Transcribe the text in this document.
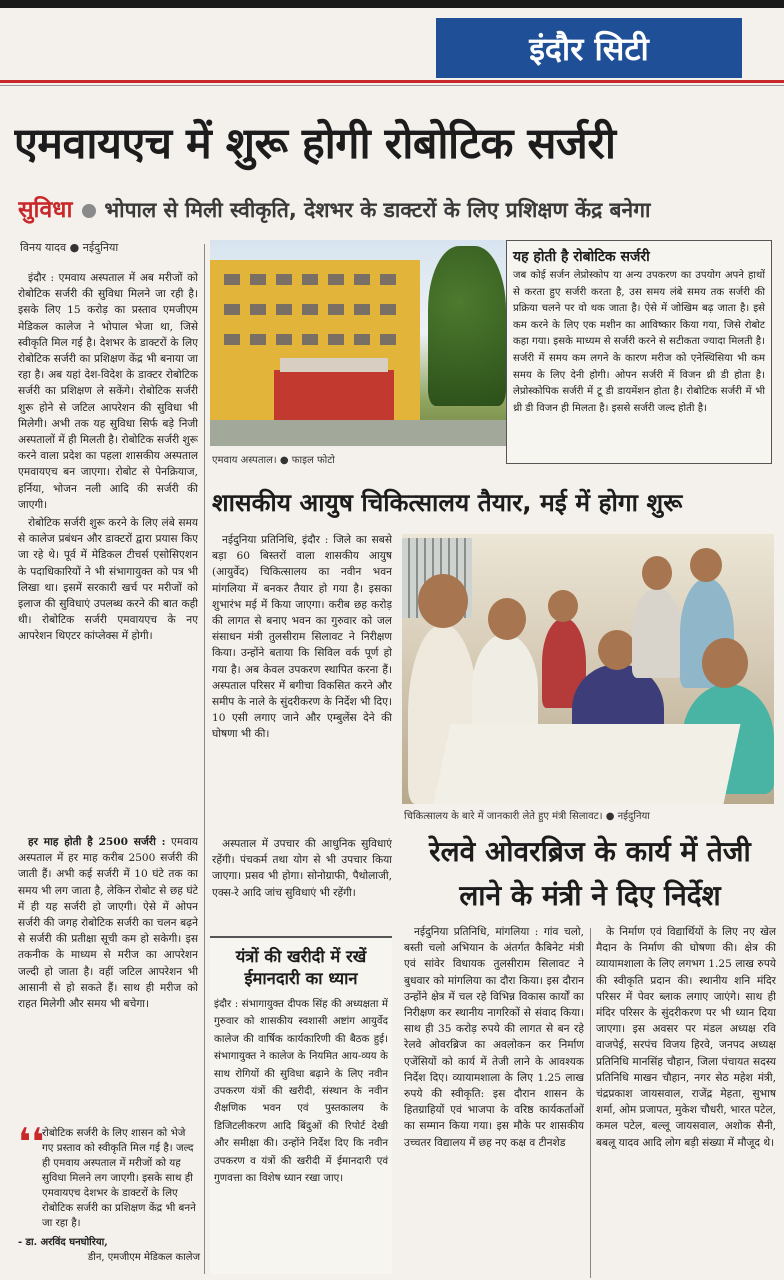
इंदौर सिटी
एमवायएच में शुरू होगी रोबोटिक सर्जरी
सुविधा भोपाल से मिली स्वीकृति, देशभर के डाक्टरों के लिए प्रशिक्षण केंद्र बनेगा
विनय यादव ● नईदुनिया

इंदौर : एमवाय अस्पताल में अब मरीजों को रोबोटिक सर्जरी की सुविधा मिलने जा रही है। इसके लिए 15 करोड़ का प्रस्ताव एमजीएम मेडिकल कालेज ने भोपाल भेजा था, जिसे स्वीकृति मिल गई है। देशभर के डाक्टरों के लिए रोबोटिक सर्जरी का प्रशिक्षण केंद्र भी बनाया जा रहा है। अब यहां देश-विदेश के डाक्टर रोबोटिक सर्जरी का प्रशिक्षण ले सकेंगे। रोबोटिक सर्जरी शुरू होने से जटिल आपरेशन की सुविधा भी मिलेगी। अभी तक यह सुविधा सिर्फ बड़े निजी अस्पतालों में ही मिलती है। रोबोटिक सर्जरी शुरू करने वाला प्रदेश का पहला शासकीय अस्पताल एमवायएच बन जाएगा। रोबोट से पेनक्रियाज, हर्निया, भोजन नली आदि की सर्जरी की जाएगी।

रोबोटिक सर्जरी शुरू करने के लिए लंबे समय से कालेज प्रबंधन और डाक्टरों द्वारा प्रयास किए जा रहे थे। पूर्व में मेडिकल टीचर्स एसोसिएशन के पदाधिकारियों ने भी संभागायुक्त को पत्र भी लिखा था। इसमें सरकारी खर्च पर मरीजों को इलाज की सुविधाएं उपलब्ध करने की बात कही थी। रोबोटिक सर्जरी एमवायएच के नए आपरेशन थिएटर कांप्लेक्स में होगी।

हर माह होती है 2500 सर्जरी : एमवाय अस्पताल में हर माह करीब 2500 सर्जरी की जाती हैं। अभी कई सर्जरी में 10 घंटे तक का समय भी लग जाता है, लेकिन रोबोट से छह घंटे में ही यह सर्जरी हो जाएगी। ऐसे में ओपन सर्जरी की जगह रोबोटिक सर्जरी का चलन बढ़ने से सर्जरी की प्रतीक्षा सूची कम हो सकेगी। इस तकनीक के माध्यम से मरीज का आपरेशन जल्दी हो जाता है। वहीं जटिल आपरेशन भी आसानी से हो सकते हैं। साथ ही मरीज को राहत मिलेगी और समय भी बचेगा।

❛❛
रोबोटिक सर्जरी के लिए शासन को भेजे गए प्रस्ताव को स्वीकृति मिल गई है। जल्द ही एमवाय अस्पताल में मरीजों को यह सुविधा मिलने लग जाएगी। इसके साथ ही एमवायएच देशभर के डाक्टरों के लिए रोबोटिक सर्जरी का प्रशिक्षण केंद्र भी बनने जा रहा है।
- डा. अरविंद घनघोरिया,
डीन, एमजीएम मेडिकल कालेज
एमवाय अस्पताल। ● फाइल फोटो
यह होती है रोबोटिक सर्जरी
जब कोई सर्जन लेप्रोस्कोप या अन्य उपकरण का उपयोग अपने हाथों से करता हुए सर्जरी करता है, उस समय लंबे समय तक सर्जरी की प्रक्रिया चलने पर वो थक जाता है। ऐसे में जोखिम बढ़ जाता है। इसे कम करने के लिए एक मशीन का आविष्कार किया गया, जिसे रोबोट कहा गया। इसके माध्यम से सर्जरी करने से सटीकता ज्यादा मिलती है। सर्जरी में समय कम लगने के कारण मरीज को एनेस्थिसिया भी कम समय के लिए देनी होगी। ओपन सर्जरी में विजन थ्री डी होता है। लेप्रोस्कोपिक सर्जरी में टू डी डायमेंशन होता है। रोबोटिक सर्जरी में भी थ्री डी विजन ही मिलता है। इससे सर्जरी जल्द होती है।
शासकीय आयुष चिकित्सालय तैयार, मई में होगा शुरू

नईदुनिया प्रतिनिधि, इंदौर : जिले का सबसे बड़ा 60 बिस्तरों वाला शासकीय आयुष (आयुर्वेद) चिकित्सालय का नवीन भवन मांगलिया में बनकर तैयार हो गया है। इसका शुभारंभ मई में किया जाएगा। करीब छह करोड़ की लागत से बनाए भवन का गुरुवार को जल संसाधन मंत्री तुलसीराम सिलावट ने निरीक्षण किया। उन्होंने बताया कि सिविल वर्क पूर्ण हो गया है। अब केवल उपकरण स्थापित करना हैं। अस्पताल परिसर में बगीचा विकसित करने और समीप के नाले के सुंदरीकरण के निर्देश भी दिए। 10 एसी लगाए जाने और एम्बुलेंस देने की घोषणा भी की।

अस्पताल में उपचार की आधुनिक सुविधाएं रहेंगी। पंचकर्म तथा योग से भी उपचार किया जाएगा। प्रसव भी होगा। सोनोग्राफी, पैथोलाजी, एक्स-रे आदि जांच सुविधाएं भी रहेंगी।

चिकित्सालय के बारे में जानकारी लेते हुए मंत्री सिलावट। ● नईदुनिया
रेलवे ओवरब्रिज के कार्य में तेजी लाने के मंत्री ने दिए निर्देश

नईदुनिया प्रतिनिधि, मांगलिया : गांव चलो, बस्ती चलो अभियान के अंतर्गत कैबिनेट मंत्री एवं सांवेर विधायक तुलसीराम सिलावट ने बुधवार को मांगलिया का दौरा किया। इस दौरान उन्होंने क्षेत्र में चल रहे विभिन्न विकास कार्यों का निरीक्षण कर स्थानीय नागरिकों से संवाद किया। साथ ही 35 करोड़ रुपये की लागत से बन रहे रेलवे ओवरब्रिज का अवलोकन कर निर्माण एजेंसियों को कार्य में तेजी लाने के आवश्यक निर्देश दिए। व्यायामशाला के लिए 1.25 लाख रुपये की स्वीकृति: इस दौरान शासन के हितग्राहियों एवं भाजपा के वरिष्ठ कार्यकर्ताओं का सम्मान किया गया। इस मौके पर शासकीय उच्चतर विद्यालय में छह नए कक्ष व टीनशेड

के निर्माण एवं विद्यार्थियों के लिए नए खेल मैदान के निर्माण की घोषणा की। क्षेत्र की व्यायामशाला के लिए लगभग 1.25 लाख रुपये की स्वीकृति प्रदान की। स्थानीय शनि मंदिर परिसर में पेवर ब्लाक लगाए जाएंगे। साथ ही मंदिर परिसर के सुंदरीकरण पर भी ध्यान दिया जाएगा। इस अवसर पर मंडल अध्यक्ष रवि वाजपेई, सरपंच विजय हिरवे, जनपद अध्यक्ष प्रतिनिधि मानसिंह चौहान, जिला पंचायत सदस्य प्रतिनिधि माखन चौहान, नगर सेठ महेश मंत्री, चंद्रप्रकाश जायसवाल, राजेंद्र मेहता, सुभाष शर्मा, ओम प्रजापत, मुकेश चौधरी, भारत पटेल, कमल पटेल, बल्लू जायसवाल, अशोक सैनी, बबलू यादव आदि लोग बड़ी संख्या में मौजूद थे।

यंत्रों की खरीदी में रखें ईमानदारी का ध्यान
इंदौर : संभागायुक्त दीपक सिंह की अध्यक्षता में गुरुवार को शासकीय स्वशासी अष्टांग आयुर्वेद कालेज की वार्षिक कार्यकारिणी की बैठक हुई। संभागायुक्त ने कालेज के नियमित आय-व्यय के साथ रोगियों की सुविधा बढ़ाने के लिए नवीन उपकरण यंत्रों की खरीदी, संस्थान के नवीन शैक्षणिक भवन एवं पुस्तकालय के डिजिटलीकरण आदि बिंदुओं की रिपोर्ट देखी और समीक्षा की। उन्होंने निर्देश दिए कि नवीन उपकरण व यंत्रों की खरीदी में ईमानदारी एवं गुणवत्ता का विशेष ध्यान रखा जाए।
